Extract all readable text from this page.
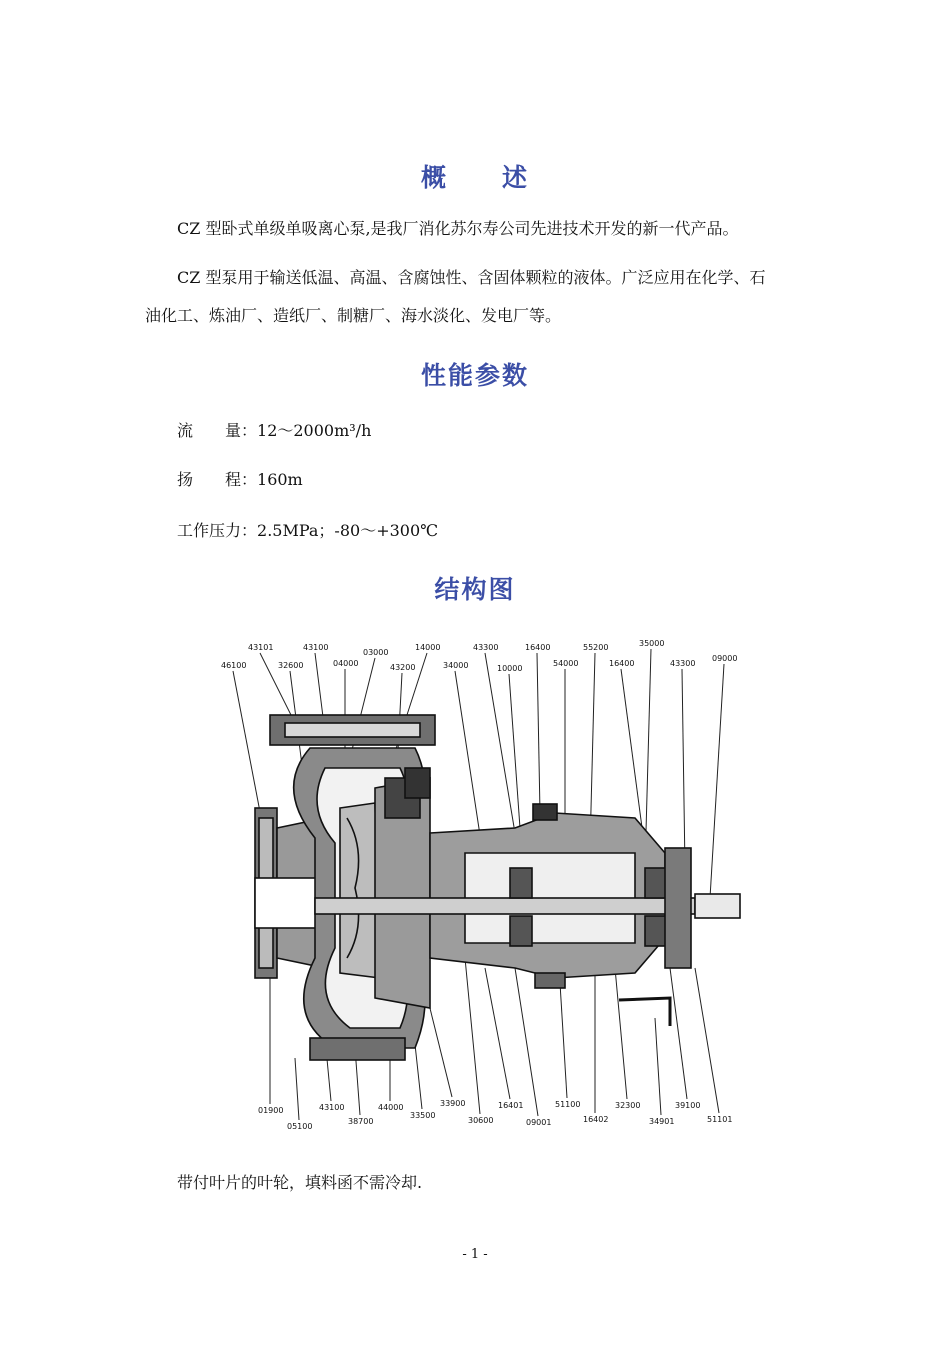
概　　述
CZ 型卧式单级单吸离心泵,是我厂消化苏尔寿公司先进技术开发的新一代产品。
CZ 型泵用于输送低温、高温、含腐蚀性、含固体颗粒的液体。广泛应用在化学、石
油化工、炼油厂、造纸厂、制糖厂、海水淡化、发电厂等。
性能参数
流　　量：12～2000m³/h
扬　　程：160m
工作压力：2.5MPa；-80～+300℃
结构图
43101	43100
03000
14000	43300	16400	55200	35000
46100	32600	04000	43200	34000	10000
54000	16400	43300
09000
01900	43100	44000	33900	16401	51100	32300	39100
05100
38700
33500
30600	09001	16402	34901	51101
带付叶片的叶轮，填料函不需冷却.
- 1 -
